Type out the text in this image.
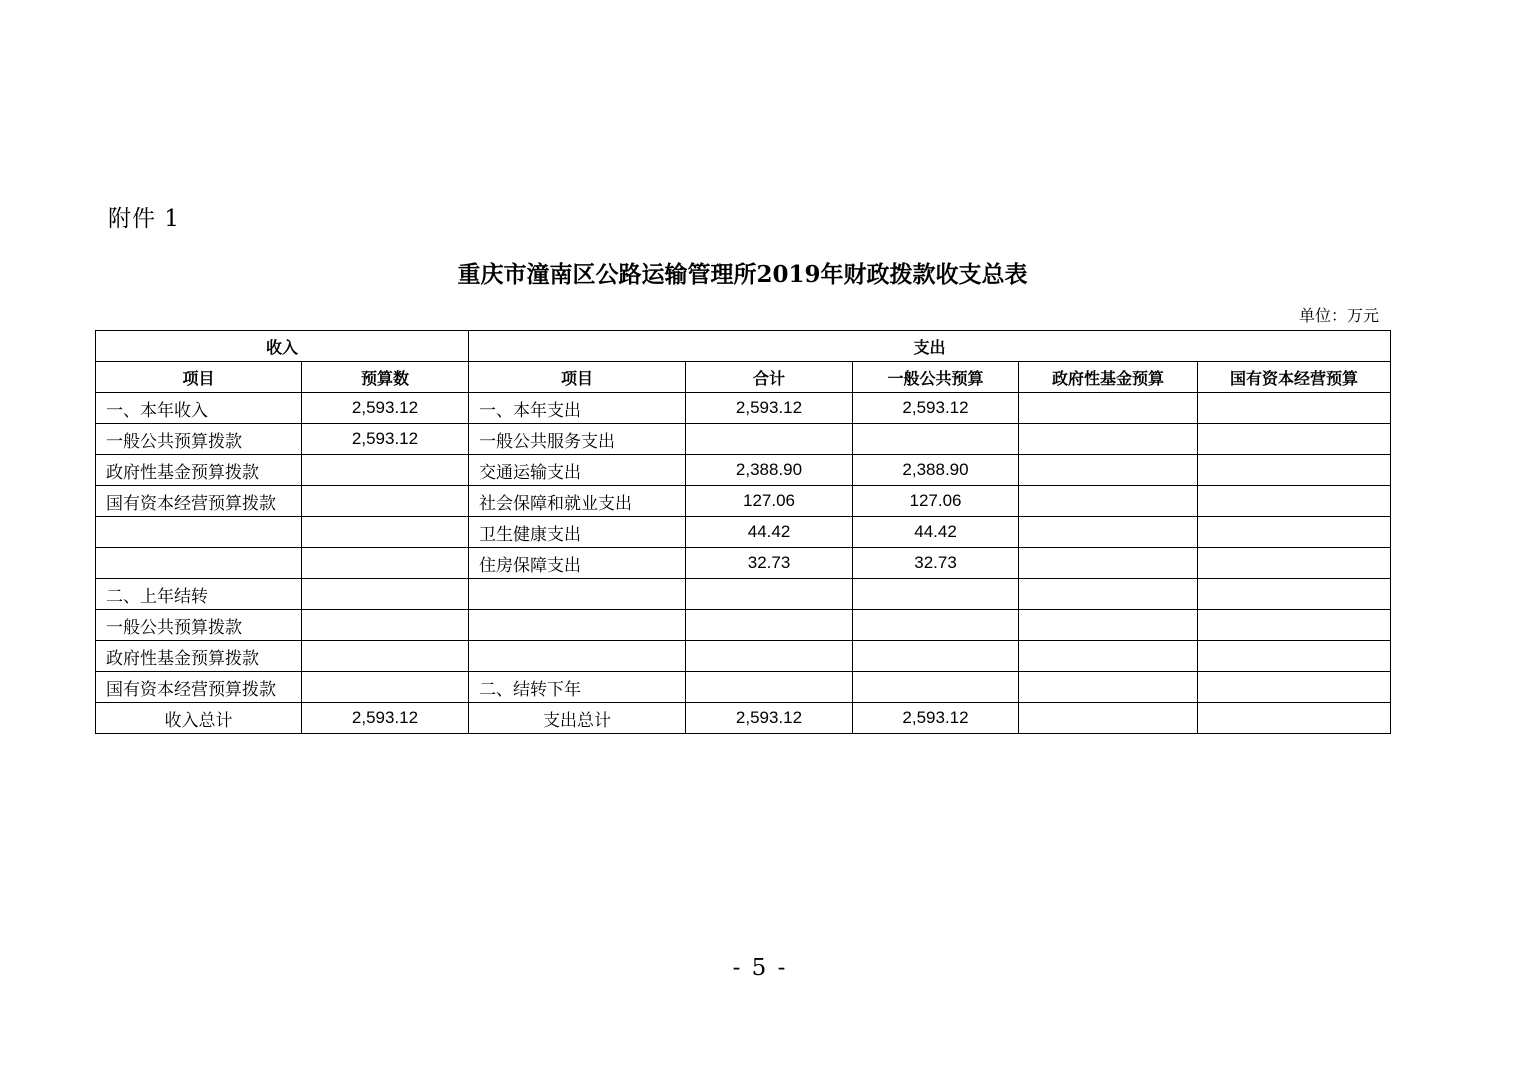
附件 1
重庆市潼南区公路运输管理所2019年财政拨款收支总表
单位：万元
收入		支出				
项目	预算数	项目	合计	一般公共预算	政府性基金预算	国有资本经营预算
一、本年收入	2,593.12	一、本年支出	2,593.12	2,593.12		
一般公共预算拨款	2,593.12	一般公共服务支出				
政府性基金预算拨款		交通运输支出	2,388.90	2,388.90		
国有资本经营预算拨款		社会保障和就业支出	127.06	127.06		
		卫生健康支出	44.42	44.42		
		住房保障支出	32.73	32.73		
二、上年结转						
一般公共预算拨款						
政府性基金预算拨款						
国有资本经营预算拨款		二、结转下年				
收入总计	2,593.12	支出总计	2,593.12	2,593.12		
- 5 -
